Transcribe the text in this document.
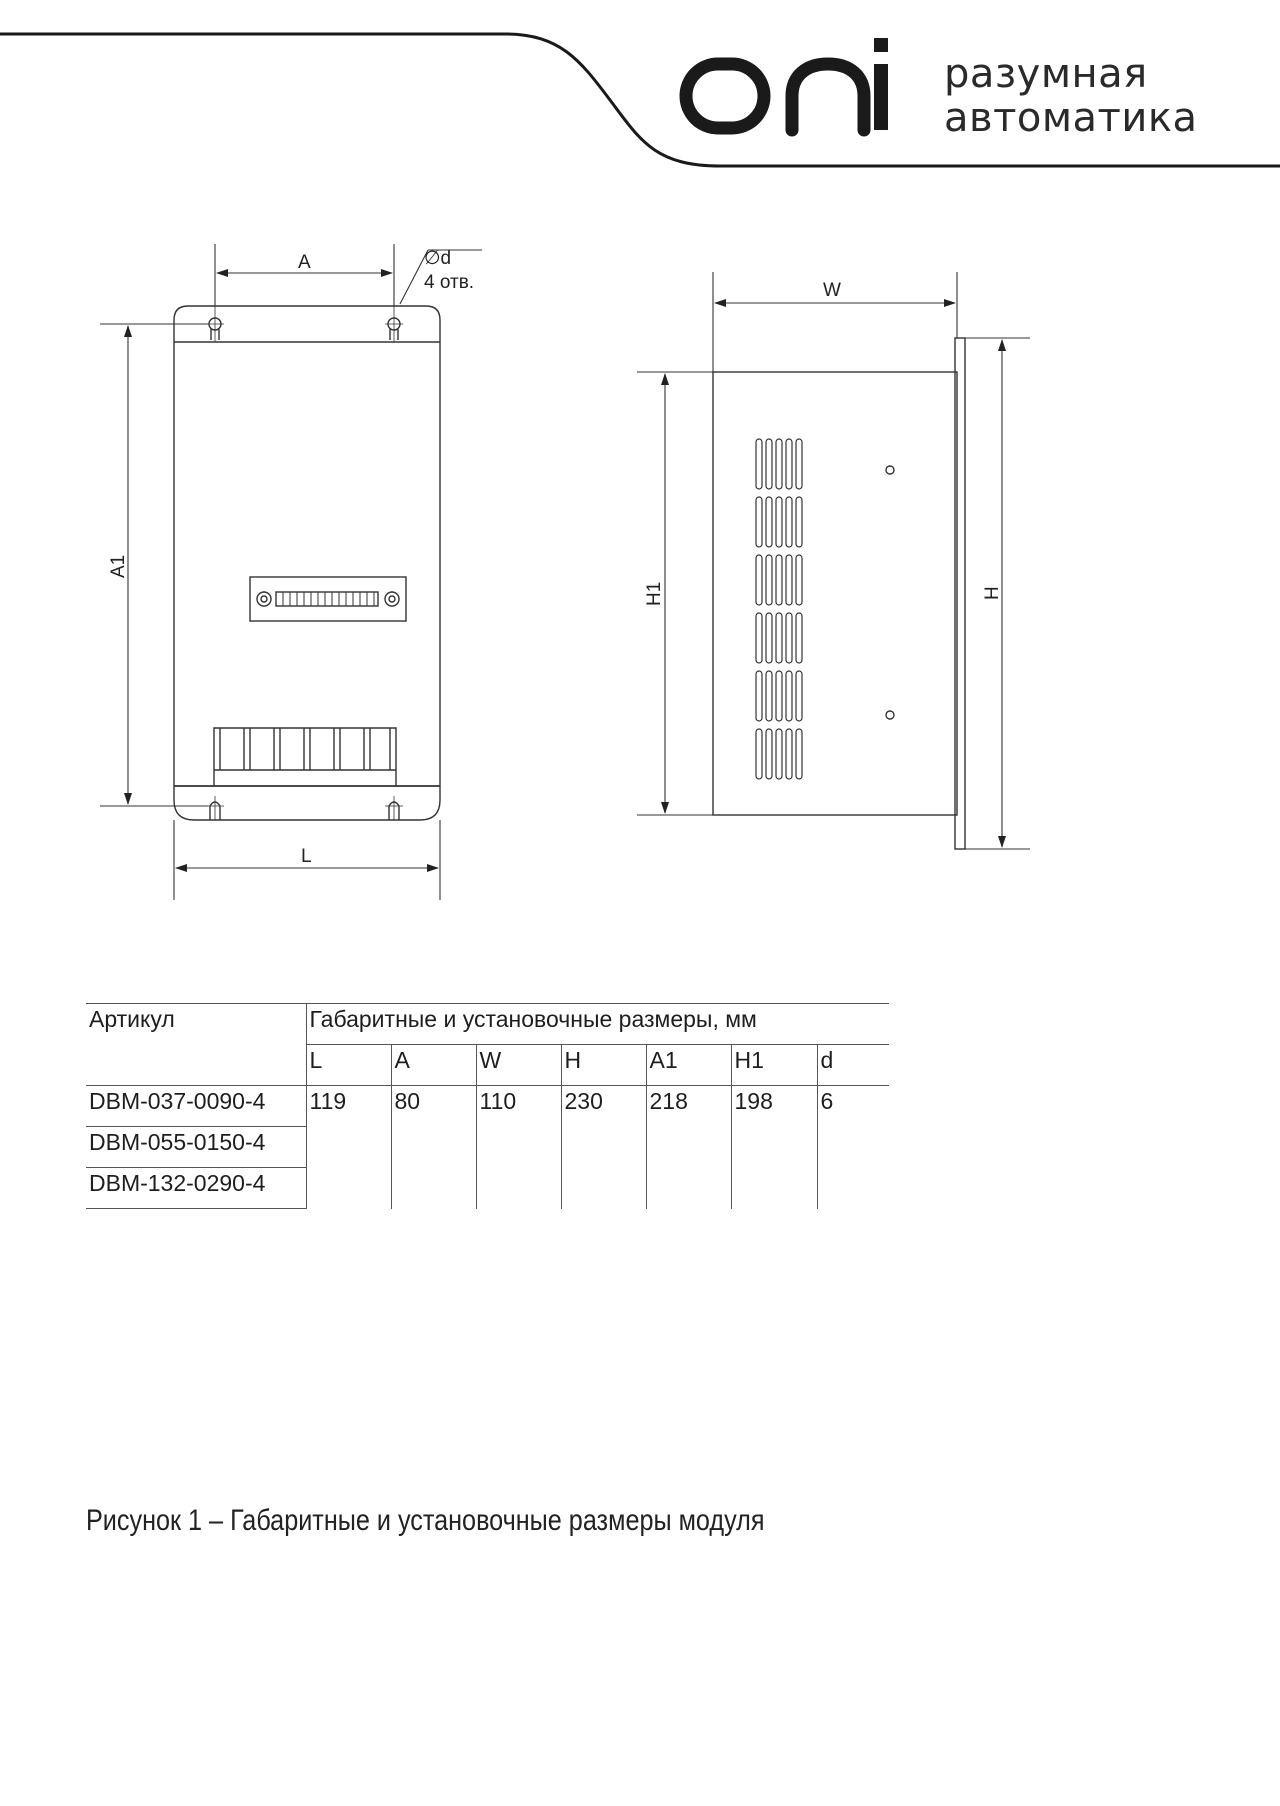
разумная
автоматика
A	∅d
4 отв.
A1
L
W
H1	H
Артикул	Габаритные и установочные размеры, мм						
	L	A	W	H	A1	H1	d
DBM-037-0090-4	119	80	110	230	218	198	6
DBM-055-0150-4							
DBM-132-0290-4							
Рисунок 1 – Габаритные и установочные размеры модуля
